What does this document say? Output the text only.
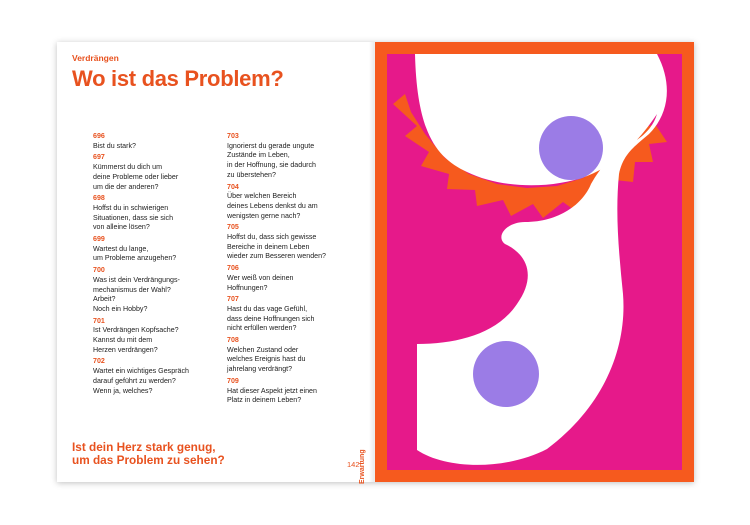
Verdrängen
Wo ist das Problem?
696
Bist du stark?
697
Kümmerst du dich um
deine Probleme oder lieber
um die der anderen?
698
Hoffst du in schwierigen
Situationen, dass sie sich
von alleine lösen?
699
Wartest du lange,
um Probleme anzugehen?
700
Was ist dein Verdrängungs-
mechanismus der Wahl?
Arbeit?
Noch ein Hobby?
701
Ist Verdrängen Kopfsache?
Kannst du mit dem
Herzen verdrängen?
702
Wartet ein wichtiges Gespräch
darauf geführt zu werden?
Wenn ja, welches?
703
Ignorierst du gerade ungute
Zustände im Leben,
in der Hoffnung, sie dadurch
zu überstehen?
704
Über welchen Bereich
deines Lebens denkst du am
wenigsten gerne nach?
705
Hoffst du, dass sich gewisse
Bereiche in deinem Leben
wieder zum Besseren wenden?
706
Wer weiß von deinen
Hoffnungen?
707
Hast du das vage Gefühl,
dass deine Hoffnungen sich
nicht erfüllen werden?
708
Welchen Zustand oder
welches Ereignis hast du
jahrelang verdrängt?
709
Hat dieser Aspekt jetzt einen
Platz in deinem Leben?
Ist dein Herz stark genug,
um das Problem zu sehen?	142 Erwartung
